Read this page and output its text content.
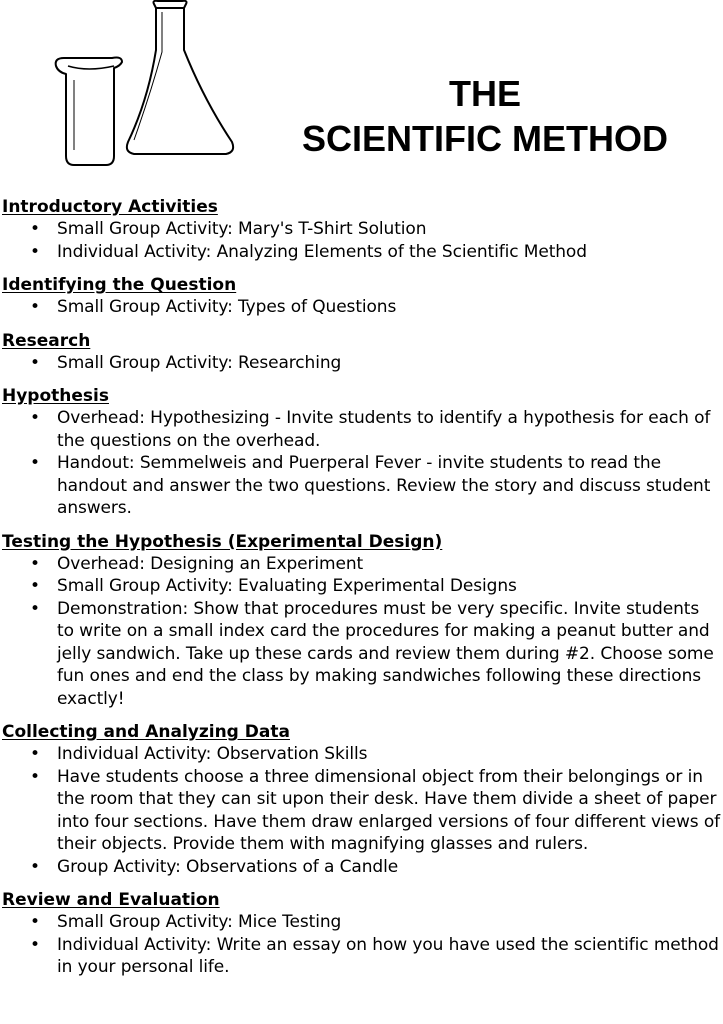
THE
SCIENTIFIC METHOD
Introductory Activities
• Small Group Activity: Mary's T-Shirt Solution
• Individual Activity: Analyzing Elements of the Scientific Method
Identifying the Question
• Small Group Activity: Types of Questions
Research
• Small Group Activity: Researching
Hypothesis
• Overhead: Hypothesizing - Invite students to identify a hypothesis for each of the questions on the overhead.
• Handout: Semmelweis and Puerperal Fever - invite students to read the handout and answer the two questions. Review the story and discuss student answers.
Testing the Hypothesis (Experimental Design)
• Overhead: Designing an Experiment
• Small Group Activity: Evaluating Experimental Designs
• Demonstration: Show that procedures must be very specific. Invite students to write on a small index card the procedures for making a peanut butter and jelly sandwich. Take up these cards and review them during #2. Choose some fun ones and end the class by making sandwiches following these directions exactly!
Collecting and Analyzing Data
• Individual Activity: Observation Skills
• Have students choose a three dimensional object from their belongings or in the room that they can sit upon their desk. Have them divide a sheet of paper into four sections. Have them draw enlarged versions of four different views of their objects. Provide them with magnifying glasses and rulers.
• Group Activity: Observations of a Candle
Review and Evaluation
• Small Group Activity: Mice Testing
• Individual Activity: Write an essay on how you have used the scientific method in your personal life.
